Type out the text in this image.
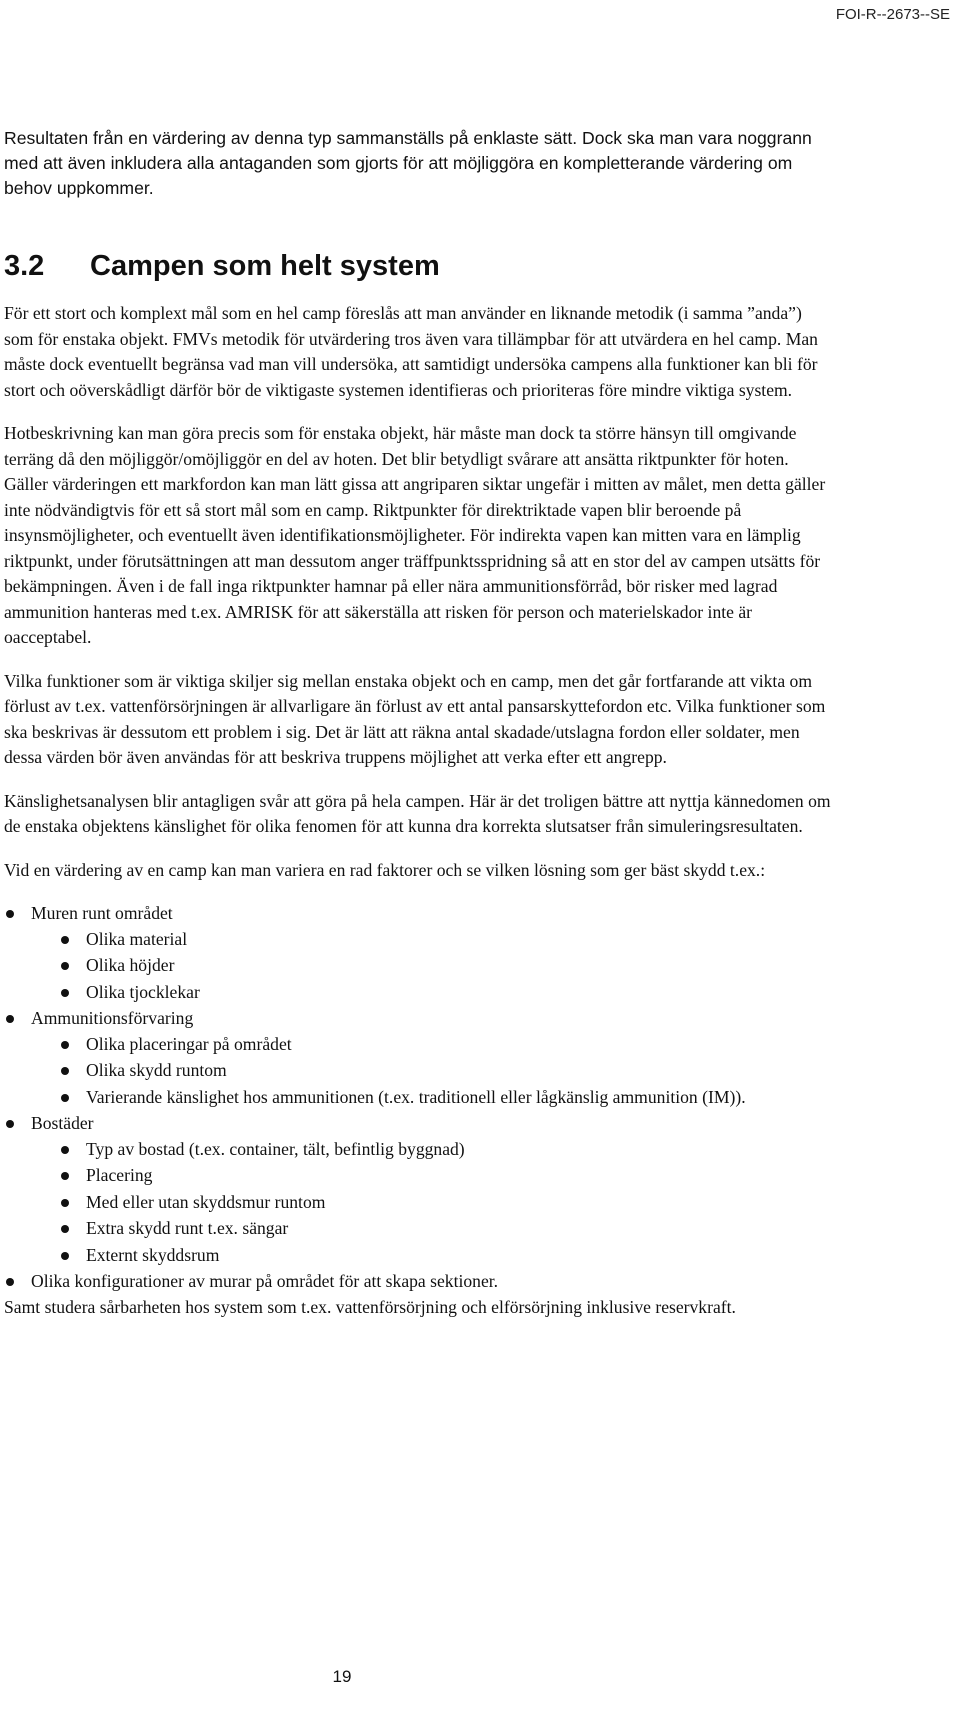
FOI-R--2673--SE

Resultaten från en värdering av denna typ sammanställs på enklaste sätt. Dock ska man vara noggrann med att även inkludera alla antaganden som gjorts för att möjliggöra en kompletterande värdering om behov uppkommer.

3.2 Campen som helt system

För ett stort och komplext mål som en hel camp föreslås att man använder en liknande metodik (i samma ”anda”) som för enstaka objekt. FMVs metodik för utvärdering tros även vara tillämpbar för att utvärdera en hel camp. Man måste dock eventuellt begränsa vad man vill undersöka, att samtidigt undersöka campens alla funktioner kan bli för stort och oöverskådligt därför bör de viktigaste systemen identifieras och prioriteras före mindre viktiga system.

Hotbeskrivning kan man göra precis som för enstaka objekt, här måste man dock ta större hänsyn till omgivande terräng då den möjliggör/omöjliggör en del av hoten. Det blir betydligt svårare att ansätta riktpunkter för hoten. Gäller värderingen ett markfordon kan man lätt gissa att angriparen siktar ungefär i mitten av målet, men detta gäller inte nödvändigtvis för ett så stort mål som en camp. Riktpunkter för direktriktade vapen blir beroende på insynsmöjligheter, och eventuellt även identifikationsmöjligheter. För indirekta vapen kan mitten vara en lämplig riktpunkt, under förutsättningen att man dessutom anger träffpunktsspridning så att en stor del av campen utsätts för bekämpningen. Även i de fall inga riktpunkter hamnar på eller nära ammunitionsförråd, bör risker med lagrad ammunition hanteras med t.ex. AMRISK för att säkerställa att risken för person och materielskador inte är oacceptabel.

Vilka funktioner som är viktiga skiljer sig mellan enstaka objekt och en camp, men det går fortfarande att vikta om förlust av t.ex. vattenförsörjningen är allvarligare än förlust av ett antal pansarskyttefordon etc. Vilka funktioner som ska beskrivas är dessutom ett problem i sig. Det är lätt att räkna antal skadade/utslagna fordon eller soldater, men dessa värden bör även användas för att beskriva truppens möjlighet att verka efter ett angrepp.

Känslighetsanalysen blir antagligen svår att göra på hela campen. Här är det troligen bättre att nyttja kännedomen om de enstaka objektens känslighet för olika fenomen för att kunna dra korrekta slutsatser från simuleringsresultaten.

Vid en värdering av en camp kan man variera en rad faktorer och se vilken lösning som ger bäst skydd t.ex.:

Muren runt området
Olika material
Olika höjder
Olika tjocklekar
Ammunitionsförvaring
Olika placeringar på området
Olika skydd runtom
Varierande känslighet hos ammunitionen (t.ex. traditionell eller lågkänslig ammunition (IM)).
Bostäder
Typ av bostad (t.ex. container, tält, befintlig byggnad)
Placering
Med eller utan skyddsmur runtom
Extra skydd runt t.ex. sängar
Externt skyddsrum
Olika konfigurationer av murar på området för att skapa sektioner.

Samt studera sårbarheten hos system som t.ex. vattenförsörjning och elförsörjning inklusive reservkraft.

19
